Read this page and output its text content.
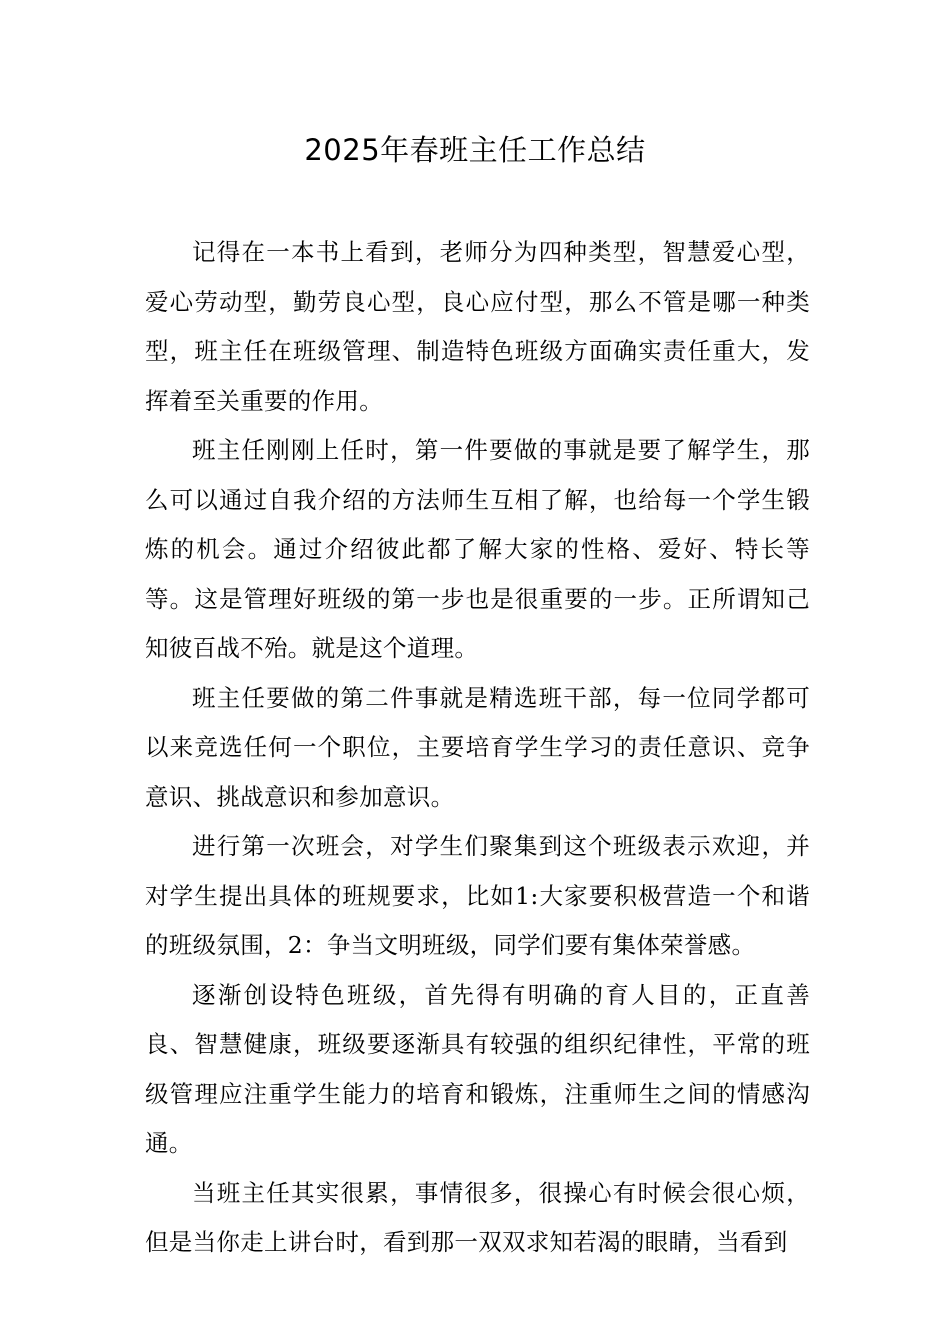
2025年春班主任工作总结

记得在一本书上看到，老师分为四种类型，智慧爱心型，爱心劳动型，勤劳良心型，良心应付型，那么不管是哪一种类型，班主任在班级管理、制造特色班级方面确实责任重大，发挥着至关重要的作用。

班主任刚刚上任时，第一件要做的事就是要了解学生，那么可以通过自我介绍的方法师生互相了解，也给每一个学生锻炼的机会。通过介绍彼此都了解大家的性格、爱好、特长等等。这是管理好班级的第一步也是很重要的一步。正所谓知己知彼百战不殆。就是这个道理。

班主任要做的第二件事就是精选班干部，每一位同学都可以来竞选任何一个职位，主要培育学生学习的责任意识、竞争意识、挑战意识和参加意识。

进行第一次班会，对学生们聚集到这个班级表示欢迎，并对学生提出具体的班规要求，比如1:大家要积极营造一个和谐的班级氛围，2：争当文明班级，同学们要有集体荣誉感。

逐渐创设特色班级，首先得有明确的育人目的，正直善良、智慧健康，班级要逐渐具有较强的组织纪律性，平常的班级管理应注重学生能力的培育和锻炼，注重师生之间的情感沟通。

当班主任其实很累，事情很多，很操心有时候会很心烦，但是当你走上讲台时，看到那一双双求知若渴的眼睛，当看到
